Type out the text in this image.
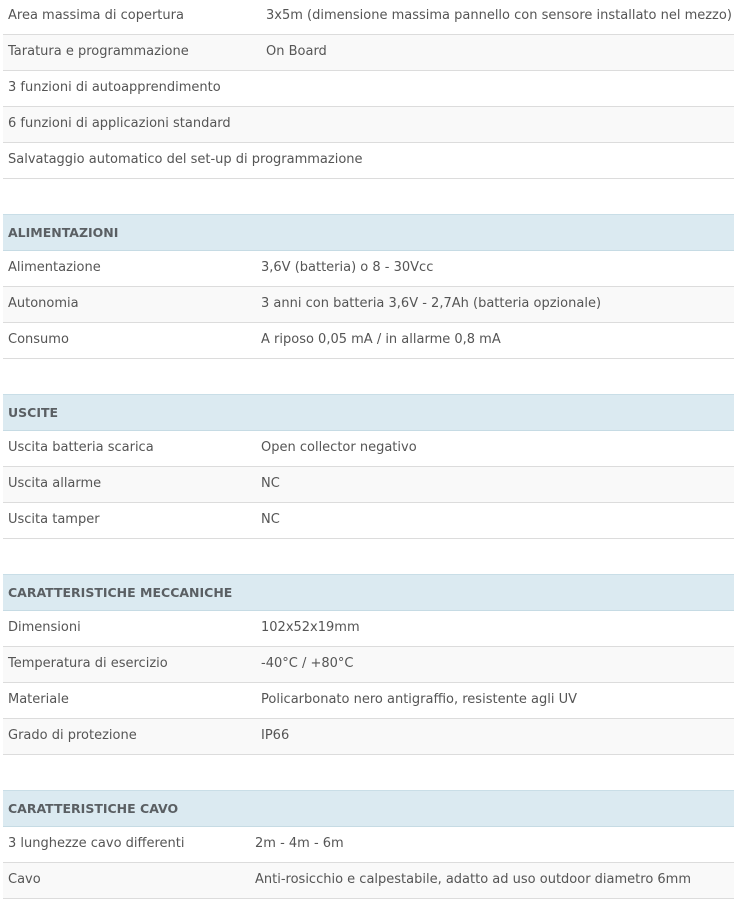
Area massima di copertura	3x5m (dimensione massima pannello con sensore installato nel mezzo)
Taratura e programmazione	On Board
3 funzioni di autoapprendimento
6 funzioni di applicazioni standard
Salvataggio automatico del set-up di programmazione
ALIMENTAZIONI
Alimentazione	3,6V (batteria) o 8 - 30Vcc
Autonomia	3 anni con batteria 3,6V - 2,7Ah (batteria opzionale)
Consumo	A riposo 0,05 mA / in allarme 0,8 mA
USCITE
Uscita batteria scarica	Open collector negativo
Uscita allarme	NC
Uscita tamper	NC
CARATTERISTICHE MECCANICHE
Dimensioni	102x52x19mm
Temperatura di esercizio	-40°C / +80°C
Materiale	Policarbonato nero antigraffio, resistente agli UV
Grado di protezione	IP66
CARATTERISTICHE CAVO
3 lunghezze cavo differenti	2m - 4m - 6m
Cavo	Anti-rosicchio e calpestabile, adatto ad uso outdoor diametro 6mm
